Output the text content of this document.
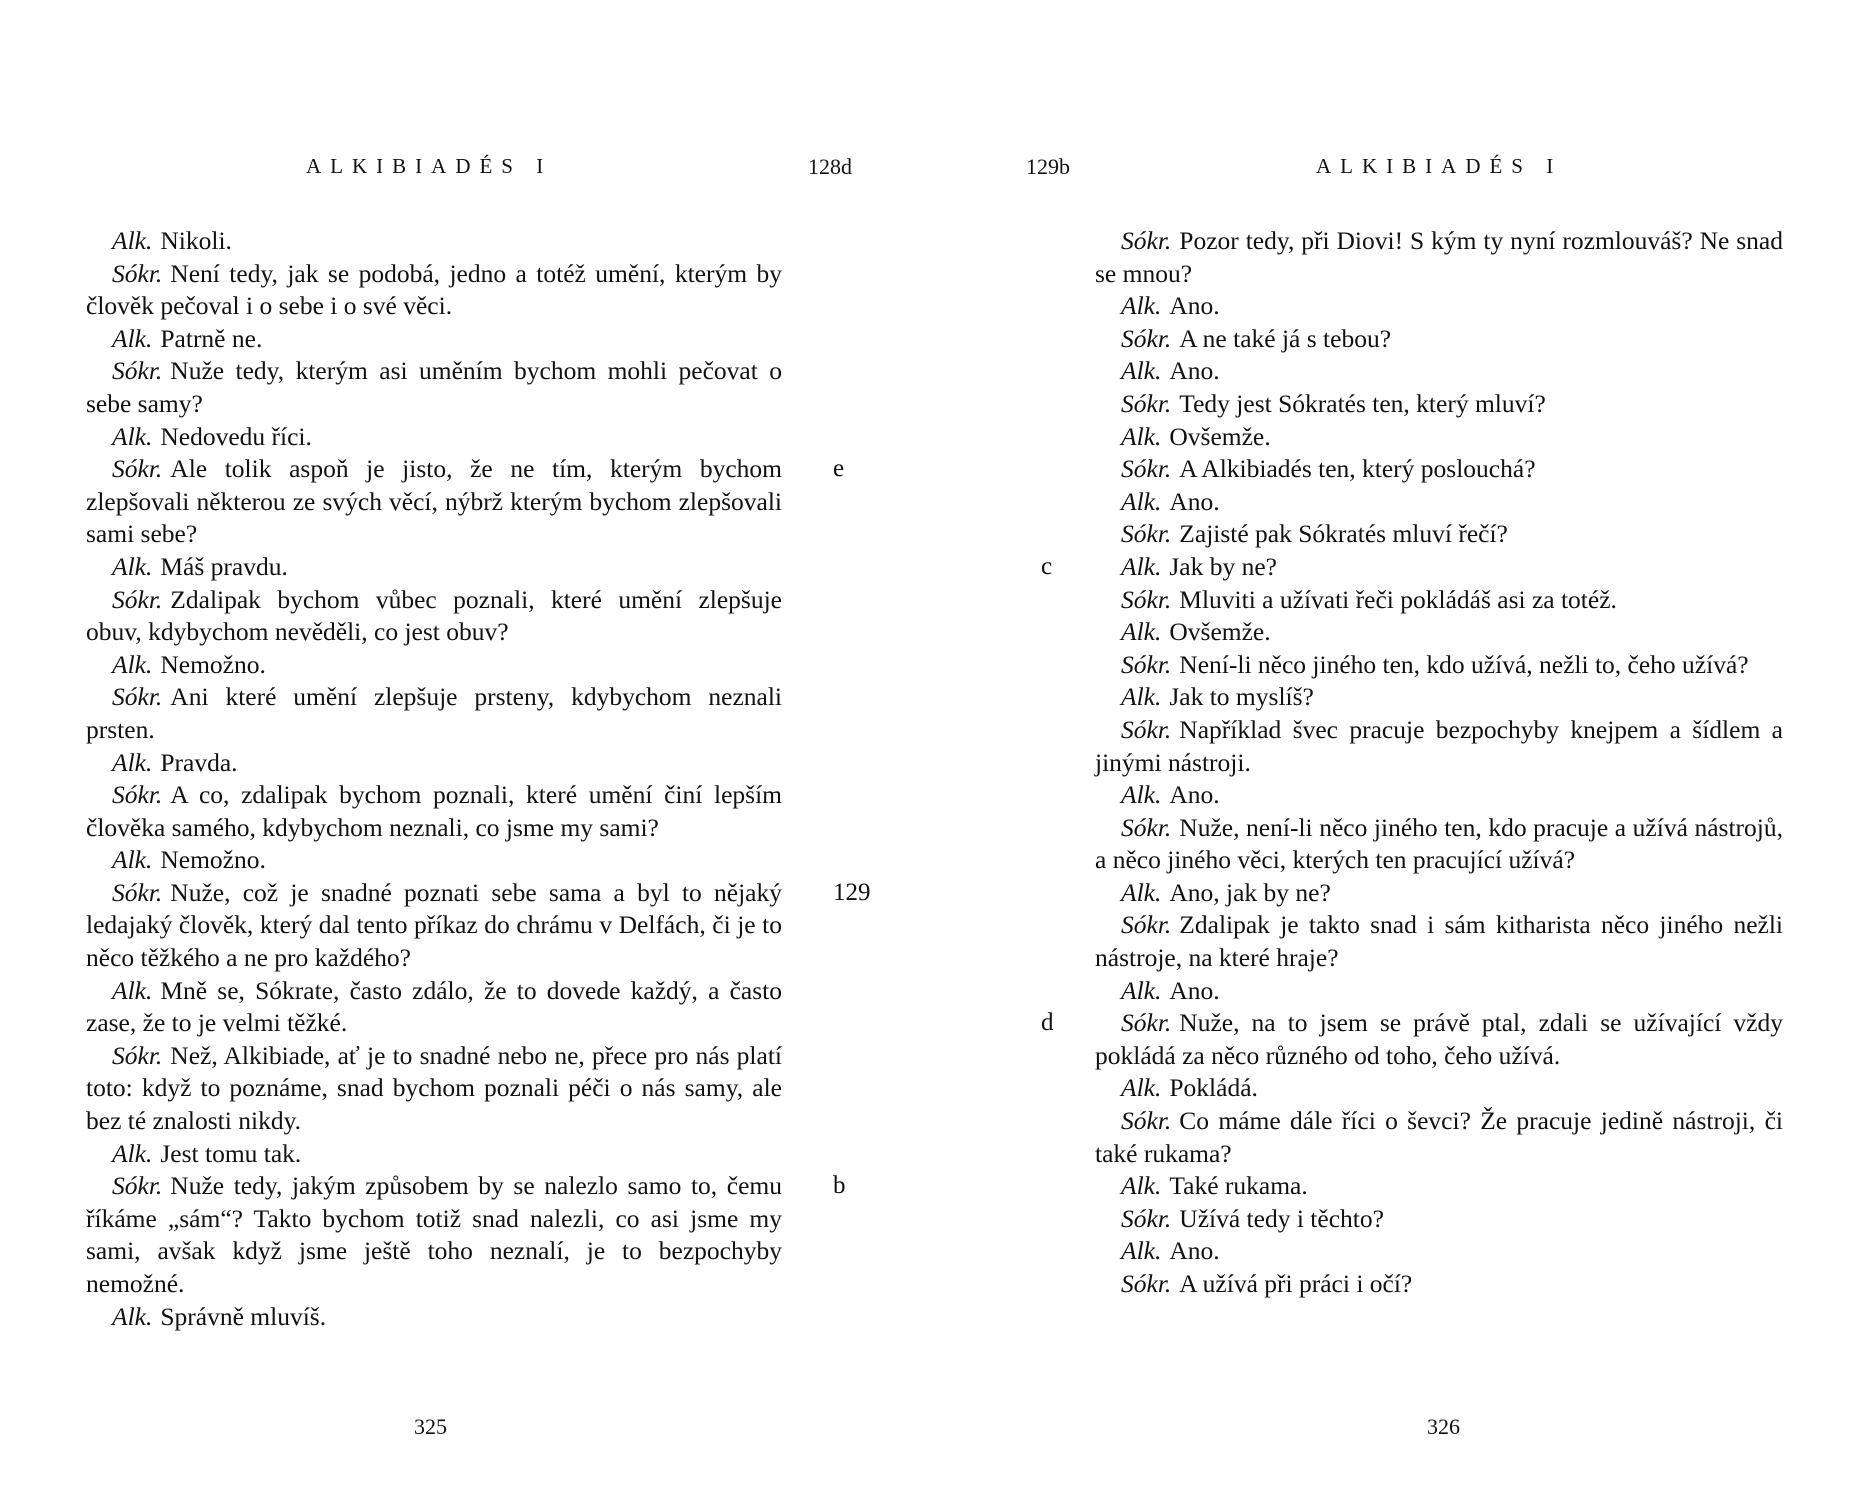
ALKIBIADÉS I	128d

Alk. Nikoli.

Sókr. Není tedy, jak se podobá, jedno a totéž umění, kterým by člověk pečoval i o sebe i o své věci.

Alk. Patrně ne.

Sókr. Nuže tedy, kterým asi uměním bychom mohli pečovat o sebe samy?

Alk. Nedovedu říci.

e
Sókr. Ale tolik aspoň je jisto, že ne tím, kterým bychom zlepšovali některou ze svých věcí, nýbrž kterým bychom zlepšovali sami sebe?

Alk. Máš pravdu.

Sókr. Zdalipak bychom vůbec poznali, které umění zlepšuje obuv, kdybychom nevěděli, co jest obuv?

Alk. Nemožno.

Sókr. Ani které umění zlepšuje prsteny, kdybychom neznali prsten.

Alk. Pravda.

Sókr. A co, zdalipak bychom poznali, které umění činí lepším člověka samého, kdybychom neznali, co jsme my sami?

Alk. Nemožno.

129
Sókr. Nuže, což je snadné poznati sebe sama a byl to nějaký ledajaký člověk, který dal tento příkaz do chrámu v Delfách, či je to něco těžkého a ne pro každého?

Alk. Mně se, Sókrate, často zdálo, že to dovede každý, a často zase, že to je velmi těžké.

Sókr. Než, Alkibiade, ať je to snadné nebo ne, přece pro nás platí toto: když to poznáme, snad bychom poznali péči o nás samy, ale bez té znalosti nikdy.

Alk. Jest tomu tak.

b
Sókr. Nuže tedy, jakým způsobem by se nalezlo samo to, čemu říkáme „sám“? Takto bychom totiž snad nalezli, co asi jsme my sami, avšak když jsme ještě toho neznalí, je to bezpochyby nemožné.

Alk. Správně mluvíš.

325
129b	ALKIBIADÉS I

Sókr. Pozor tedy, při Diovi! S kým ty nyní rozmlouváš? Ne snad se mnou?

Alk. Ano.

Sókr. A ne také já s tebou?

Alk. Ano.

Sókr. Tedy jest Sókratés ten, který mluví?

Alk. Ovšemže.

Sókr. A Alkibiadés ten, který poslouchá?

Alk. Ano.

Sókr. Zajisté pak Sókratés mluví řečí?

c	Alk. Jak by ne?

Sókr. Mluviti a užívati řeči pokládáš asi za totéž.

Alk. Ovšemže.

Sókr. Není-li něco jiného ten, kdo užívá, nežli to, čeho užívá?

Alk. Jak to myslíš?

Sókr. Například švec pracuje bezpochyby knejpem a šídlem a jinými nástroji.

Alk. Ano.

Sókr. Nuže, není-li něco jiného ten, kdo pracuje a užívá nástrojů, a něco jiného věci, kterých ten pracující užívá?

Alk. Ano, jak by ne?

Sókr. Zdalipak je takto snad i sám kitharista něco jiného nežli nástroje, na které hraje?

Alk. Ano.

d	Sókr. Nuže, na to jsem se právě ptal, zdali se užívající vždy pokládá za něco různého od toho, čeho užívá.

Alk. Pokládá.

Sókr. Co máme dále říci o ševci? Že pracuje jedině nástroji, či také rukama?

Alk. Také rukama.

Sókr. Užívá tedy i těchto?

Alk. Ano.

Sókr. A užívá při práci i očí?

326
